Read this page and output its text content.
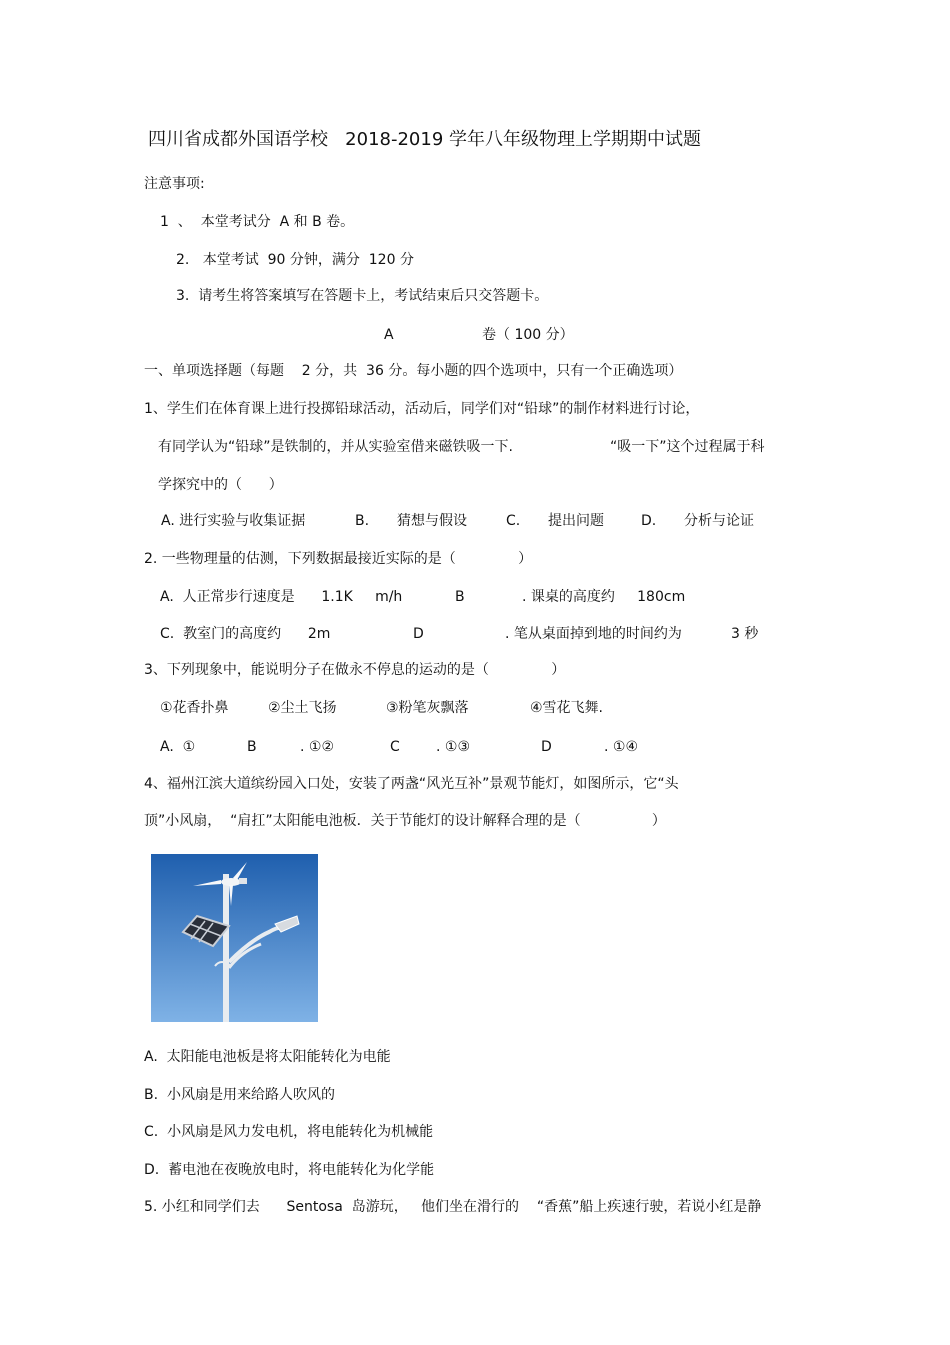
四川省成都外国语学校   2018-2019 学年八年级物理上学期期中试题
注意事项:
1  、  本堂考试分  A 和 B 卷。
2.   本堂考试  90 分钟，满分  120 分
3.  请考生将答案填写在答题卡上，考试结束后只交答题卡。
A	卷（ 100 分）
一、单项选择题（每题    2 分，共  36 分。每小题的四个选项中，只有一个正确选项）
1、学生们在体育课上进行投掷铅球活动，活动后，同学们对“铅球”的制作材料进行讨论，
有同学认为“铅球”是铁制的，并从实验室借来磁铁吸一下.	“吸一下”这个过程属于科
学探究中的（      ）
A. 进行实验与收集证据	B. 猜想与假设	C. 提出问题	D. 分析与论证
2. 一些物理量的估测，下列数据最接近实际的是（              ）
A.  人正常步行速度是      1.1K     m/h	B	. 课桌的高度约     180cm
C.  教室门的高度约      2m	D	. 笔从桌面掉到地的时间约为	3 秒
3、下列现象中，能说明分子在做永不停息的运动的是（              ）
①花香扑鼻	②尘土飞扬	③粉笔灰飘落	④雪花飞舞.
A.  ①	B	. ①②	C	. ①③	D	. ①④
4、福州江滨大道缤纷园入口处，安装了两盏“风光互补”景观节能灯，如图所示，它“头
顶”小风扇，  “肩扛”太阳能电池板．关于节能灯的设计解释合理的是（                ）
A.  太阳能电池板是将太阳能转化为电能
B.  小风扇是用来给路人吹风的
C.  小风扇是风力发电机，将电能转化为机械能
D.  蓄电池在夜晚放电时，将电能转化为化学能
5. 小红和同学们去      Sentosa  岛游玩，   他们坐在滑行的    “香蕉”船上疾速行驶，若说小红是静
